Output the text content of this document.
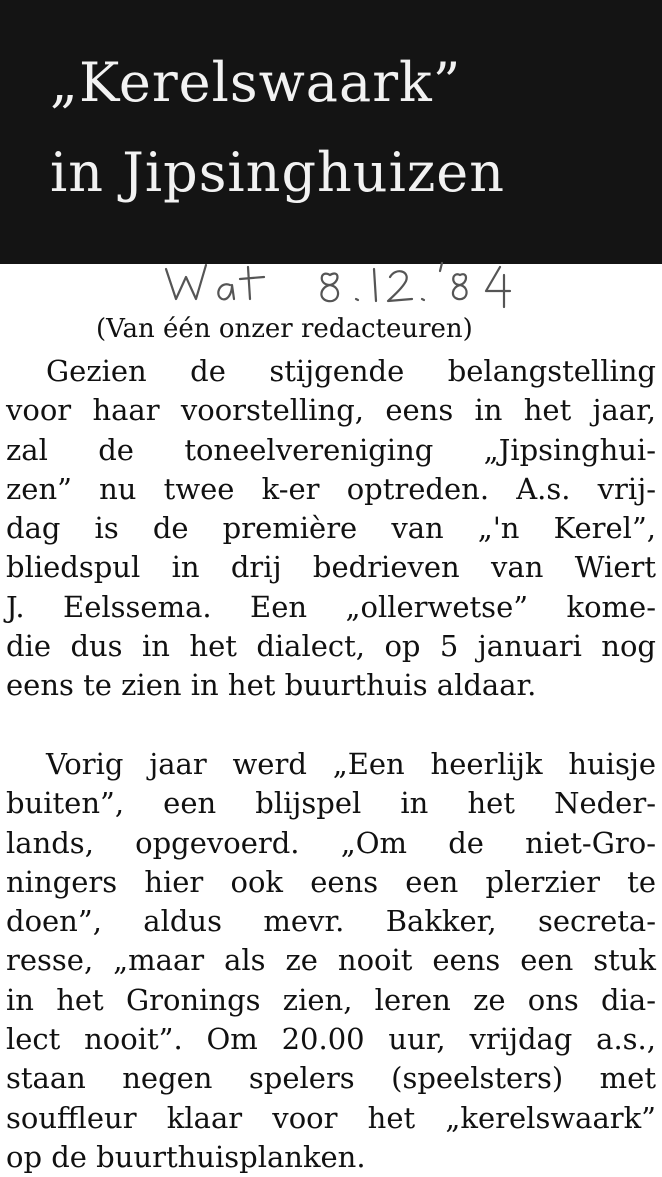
„Kerelswaark”
in Jipsinghuizen
(Van één onzer redacteuren)
Gezien de stijgende belangstelling
voor haar voorstelling, eens in het jaar,
zal de toneelvereniging „Jipsinghui-
zen” nu twee k-er optreden. A.s. vrij-
dag is de première van „'n Kerel”,
bliedspul in drij bedrieven van Wiert
J. Eelssema. Een „ollerwetse” kome-
die dus in het dialect, op 5 januari nog
eens te zien in het buurthuis aldaar.
Vorig jaar werd „Een heerlijk huisje
buiten”, een blijspel in het Neder-
lands, opgevoerd. „Om de niet-Gro-
ningers hier ook eens een plerzier te
doen”, aldus mevr. Bakker, secreta-
resse, „maar als ze nooit eens een stuk
in het Gronings zien, leren ze ons dia-
lect nooit”. Om 20.00 uur, vrijdag a.s.,
staan negen spelers (speelsters) met
souffleur klaar voor het „kerelswaark”
op de buurthuisplanken.
